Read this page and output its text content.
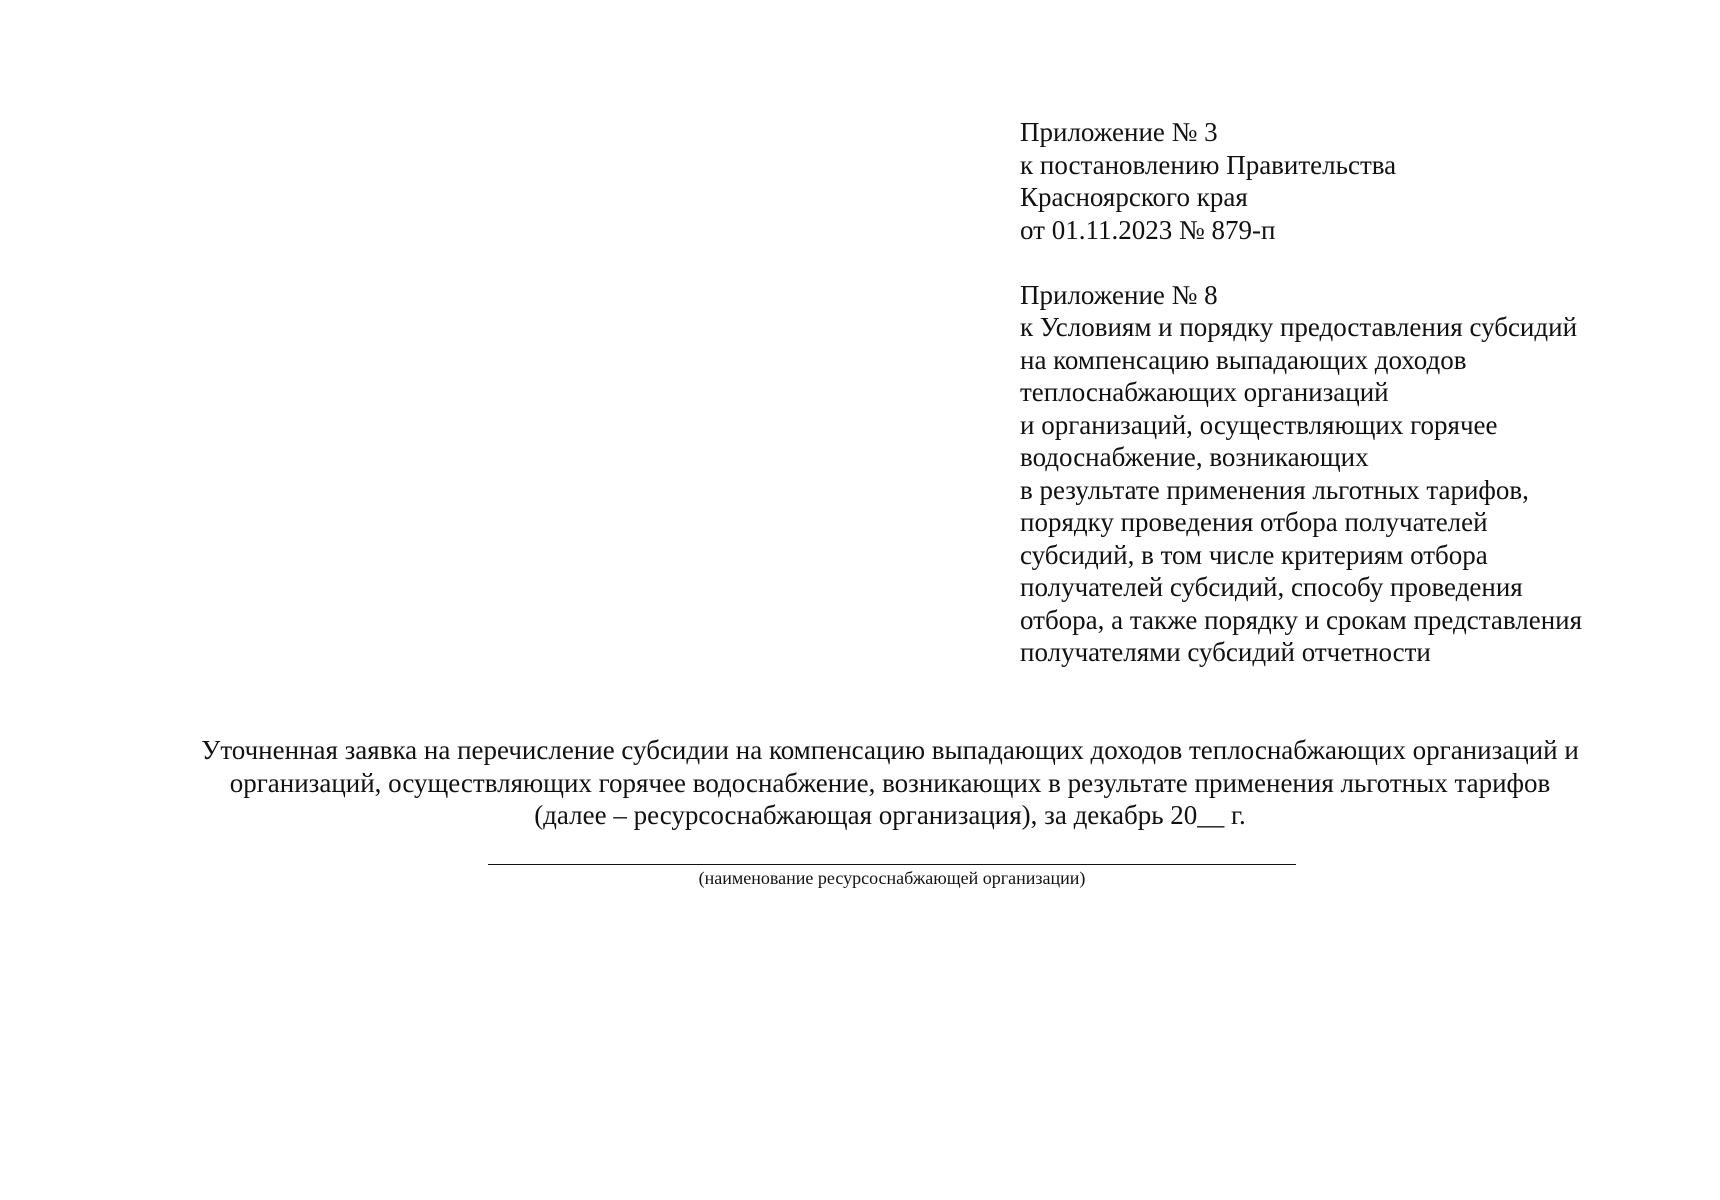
Приложение № 3
к постановлению Правительства
Красноярского края
от 01.11.2023 № 879-п
Приложение № 8
к Условиям и порядку предоставления субсидий
на компенсацию выпадающих доходов
теплоснабжающих организаций
и организаций, осуществляющих горячее
водоснабжение, возникающих
в результате применения льготных тарифов,
порядку проведения отбора получателей
субсидий, в том числе критериям отбора
получателей субсидий, способу проведения
отбора, а также порядку и срокам представления
получателями субсидий отчетности
Уточненная заявка на перечисление субсидии на компенсацию выпадающих доходов теплоснабжающих организаций и
организаций, осуществляющих горячее водоснабжение, возникающих в результате применения льготных тарифов
(далее – ресурсоснабжающая организация), за декабрь 20__ г.
(наименование ресурсоснабжающей организации)
